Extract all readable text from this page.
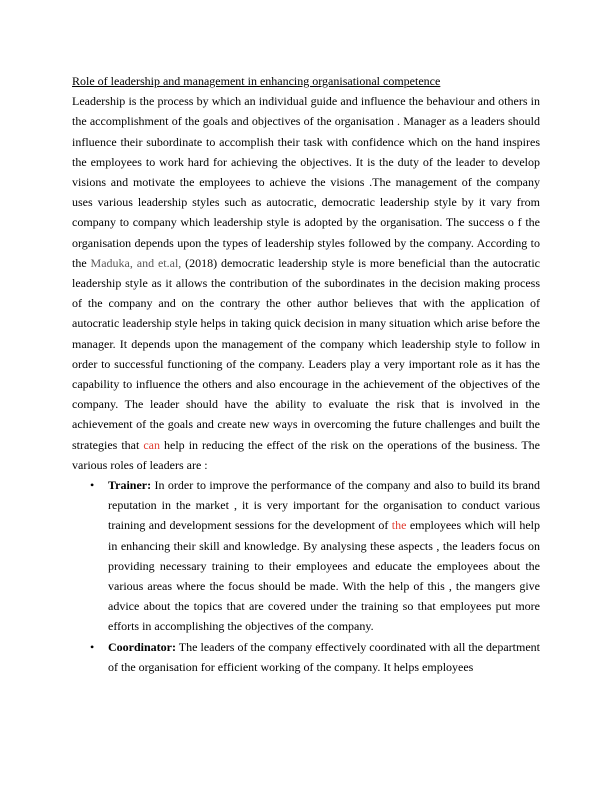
Role of leadership and management in enhancing organisational competence

Leadership is the process by which an individual guide and influence the behaviour and others in the accomplishment of the goals and objectives of the organisation . Manager as a leaders should influence their subordinate to accomplish their task with confidence which on the hand inspires the employees to work hard for achieving the objectives. It is the duty of the leader to develop visions and motivate the employees to achieve the visions .The management of the company uses various leadership styles such as autocratic, democratic leadership style by it vary from company to company which leadership style is adopted by the organisation. The success o f the organisation depends upon the types of leadership styles followed by the company. According to the Maduka, and et.al, (2018) democratic leadership style is more beneficial than the autocratic leadership style as it allows the contribution of the subordinates in the decision making process of the company and on the contrary the other author believes that with the application of autocratic leadership style helps in taking quick decision in many situation which arise before the manager. It depends upon the management of the company which leadership style to follow in order to successful functioning of the company. Leaders play a very important role as it has the capability to influence the others and also encourage in the achievement of the objectives of the company. The leader should have the ability to evaluate the risk that is involved in the achievement of the goals and create new ways in overcoming the future challenges and built the strategies that can help in reducing the effect of the risk on the operations of the business. The various roles of leaders are :

• Trainer: In order to improve the performance of the company and also to build its brand reputation in the market , it is very important for the organisation to conduct various training and development sessions for the development of the employees which will help in enhancing their skill and knowledge. By analysing these aspects , the leaders focus on providing necessary training to their employees and educate the employees about the various areas where the focus should be made. With the help of this , the mangers give advice about the topics that are covered under the training so that employees put more efforts in accomplishing the objectives of the company.
• Coordinator: The leaders of the company effectively coordinated with all the department of the organisation for efficient working of the company. It helps employees
